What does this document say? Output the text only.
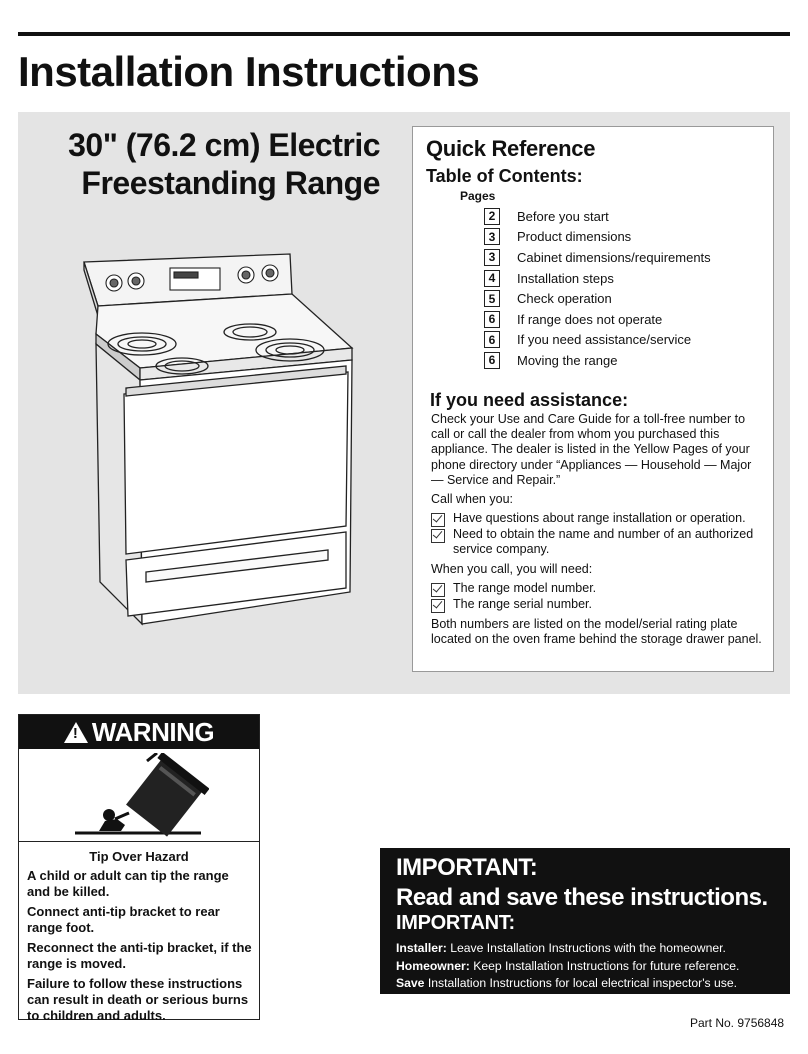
Installation Instructions
30" (76.2 cm) Electric
Freestanding Range
Quick Reference
Table of Contents:
Pages
2	Before you start
3	Product dimensions
3	Cabinet dimensions/requirements
4	Installation steps
5	Check operation
6	If range does not operate
6	If you need assistance/service
6	Moving the range
If you need assistance:

Check your Use and Care Guide for a toll-free number to call or call the dealer from whom you purchased this appliance. The dealer is listed in the Yellow Pages of your phone directory under “Appliances — Household — Major — Service and Repair.”

Call when you:

Have questions about range installation or operation.
Need to obtain the name and number of an authorized service company.

When you call, you will need:

The range model number.
The range serial number.

Both numbers are listed on the model/serial rating plate located on the oven frame behind the storage drawer panel.

! WARNING
Tip Over Hazard

A child or adult can tip the range and be killed.

Connect anti-tip bracket to rear range foot.

Reconnect the anti-tip bracket, if the range is moved.

Failure to follow these instructions can result in death or serious burns to children and adults.

IMPORTANT:
Read and save these instructions.
IMPORTANT:
Installer: Leave Installation Instructions with the homeowner.
Homeowner: Keep Installation Instructions for future reference.
Save Installation Instructions for local electrical inspector's use.
Part No. 9756848
